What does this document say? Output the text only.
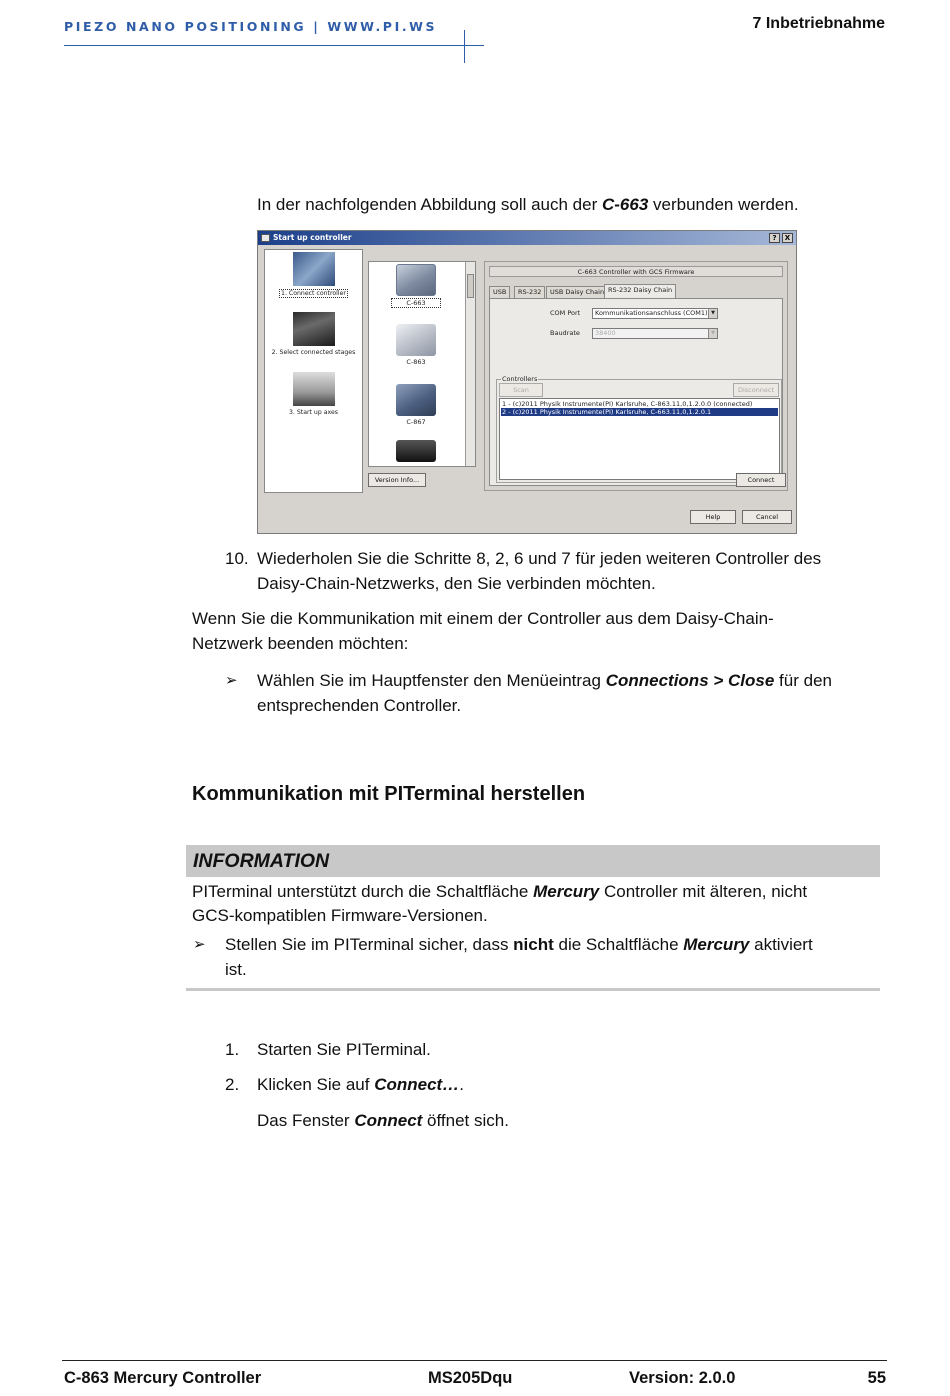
PIEZO NANO POSITIONING | WWW.PI.WS	7 Inbetriebnahme
In der nachfolgenden Abbildung soll auch der C-663 verbunden werden.
Start up controller	?	X
1. Connect controller
2. Select connected stages
3. Start up axes
C-663
C-863
C-867
Version Info...
C-663 Controller with GCS Firmware
USB	RS-232	USB Daisy Chain RS-232 Daisy Chain
COM Port	Kommunikationsanschluss (COM1) ▼
Baudrate	38400	▼
Controllers
Scan	Disconnect
1 - (c)2011 Physik Instrumente(PI) Karlsruhe, C-863.11,0,1.2.0.0 (connected)
2 - (c)2011 Physik Instrumente(PI) Karlsruhe, C-663.11,0,1.2.0.1
Connect
Help	Cancel
10. Wiederholen Sie die Schritte 8, 2, 6 und 7 für jeden weiteren Controller des
Daisy-Chain-Netzwerks, den Sie verbinden möchten.
Wenn Sie die Kommunikation mit einem der Controller aus dem Daisy-Chain-
Netzwerk beenden möchten:
➢ Wählen Sie im Hauptfenster den Menüeintrag Connections > Close für den
entsprechenden Controller.
Kommunikation mit PITerminal herstellen
INFORMATION
PITerminal unterstützt durch die Schaltfläche Mercury Controller mit älteren, nicht
GCS-kompatiblen Firmware-Versionen.
➢ Stellen Sie im PITerminal sicher, dass nicht die Schaltfläche Mercury aktiviert
ist.
1. Starten Sie PITerminal.
2. Klicken Sie auf Connect….
Das Fenster Connect öffnet sich.
C-863 Mercury Controller	MS205Dqu	Version: 2.0.0	55
